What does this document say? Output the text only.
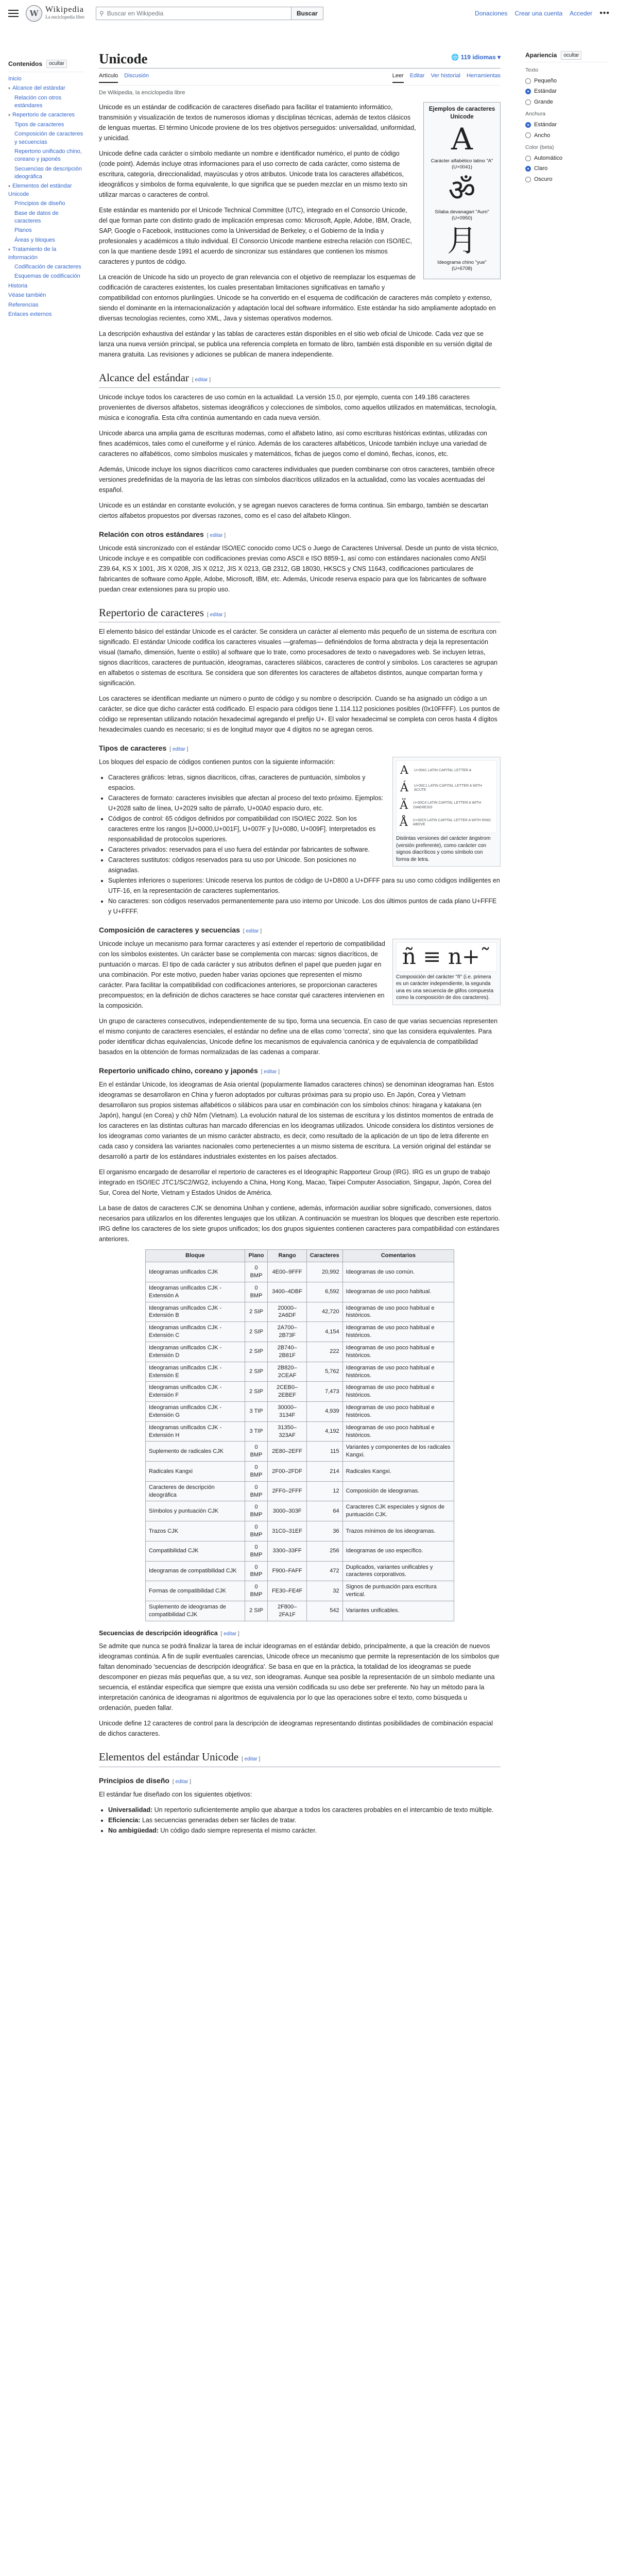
W Wikipedia
La enciclopedia libre
⚲ Buscar en Wikipedia	Buscar	Donaciones Crear una cuenta Acceder •••
Contenidos	ocultar
Inicio
▾ Alcance del estándar
Relación con otros estándares
▾ Repertorio de caracteres
Tipos de caracteres
Composición de caracteres y secuencias
Repertorio unificado chino, coreano y japonés
Secuencias de descripción ideográfica
▾ Elementos del estándar Unicode
Principios de diseño
Base de datos de caracteres
Planos
Áreas y bloques
▾ Tratamiento de la información
Codificación de caracteres
Esquemas de codificación
Historia
Véase también
Referencias
Enlaces externos
Unicode	🌐 119 idiomas ▾
Artículo Discusión	Leer Editar Ver historial Herramientas
De Wikipedia, la enciclopedia libre
Ejemplos de caracteres Unicode
A
Carácter alfabético latino "A" (U+0041)
ॐ
Sílaba devanagari "Aum" (U+0950)
月
Ideograma chino "yue" (U+6708)

Unicode es un estándar de codificación de caracteres diseñado para facilitar el tratamiento informático, transmisión y visualización de textos de numerosos idiomas y disciplinas técnicas, además de textos clásicos de lenguas muertas. El término Unicode proviene de los tres objetivos perseguidos: universalidad, uniformidad, y unicidad.

Unicode define cada carácter o símbolo mediante un nombre e identificador numérico, el punto de código (code point). Además incluye otras informaciones para el uso correcto de cada carácter, como sistema de escritura, categoría, direccionalidad, mayúsculas y otros atributos. Unicode trata los caracteres alfabéticos, ideográficos y símbolos de forma equivalente, lo que significa que se pueden mezclar en un mismo texto sin utilizar marcas o caracteres de control.

Este estándar es mantenido por el Unicode Technical Committee (UTC), integrado en el Consorcio Unicode, del que forman parte con distinto grado de implicación empresas como: Microsoft, Apple, Adobe, IBM, Oracle, SAP, Google o Facebook, instituciones como la Universidad de Berkeley, o el Gobierno de la India y profesionales y académicos a título individual. El Consorcio Unicode mantiene estrecha relación con ISO/IEC, con la que mantiene desde 1991 el acuerdo de sincronizar sus estándares que contienen los mismos caracteres y puntos de código.

La creación de Unicode ha sido un proyecto de gran relevancia con el objetivo de reemplazar los esquemas de codificación de caracteres existentes, los cuales presentaban limitaciones significativas en tamaño y compatibilidad con entornos plurilingües. Unicode se ha convertido en el esquema de codificación de caracteres más completo y extenso, siendo el dominante en la internacionalización y adaptación local del software informático. Este estándar ha sido ampliamente adoptado en diversas tecnologías recientes, como XML, Java y sistemas operativos modernos.

La descripción exhaustiva del estándar y las tablas de caracteres están disponibles en el sitio web oficial de Unicode. Cada vez que se lanza una nueva versión principal, se publica una referencia completa en formato de libro, también está disponible en su versión digital de manera gratuita. Las revisiones y adiciones se publican de manera independiente.

Alcance del estándar [ editar ]

Unicode incluye todos los caracteres de uso común en la actualidad. La versión 15.0, por ejemplo, cuenta con 149.186 caracteres provenientes de diversos alfabetos, sistemas ideográficos y colecciones de símbolos, como aquellos utilizados en matemáticas, tecnología, música e iconografía. Esta cifra continúa aumentando en cada nueva versión.

Unicode abarca una amplia gama de escrituras modernas, como el alfabeto latino, así como escrituras históricas extintas, utilizadas con fines académicos, tales como el cuneiforme y el rúnico. Además de los caracteres alfabéticos, Unicode también incluye una variedad de caracteres no alfabéticos, como símbolos musicales y matemáticos, fichas de juegos como el dominó, flechas, iconos, etc.

Además, Unicode incluye los signos diacríticos como caracteres individuales que pueden combinarse con otros caracteres, también ofrece versiones predefinidas de la mayoría de las letras con símbolos diacríticos utilizados en la actualidad, como las vocales acentuadas del español.

Unicode es un estándar en constante evolución, y se agregan nuevos caracteres de forma continua. Sin embargo, también se descartan ciertos alfabetos propuestos por diversas razones, como es el caso del alfabeto Klingon.

Relación con otros estándares [ editar ]

Unicode está sincronizado con el estándar ISO/IEC conocido como UCS o Juego de Caracteres Universal. Desde un punto de vista técnico, Unicode incluye e es compatible con codificaciones previas como ASCII e ISO 8859-1, así como con estándares nacionales como ANSI Z39.64, KS X 1001, JIS X 0208, JIS X 0212, JIS X 0213, GB 2312, GB 18030, HKSCS y CNS 11643, codificaciones particulares de fabricantes de software como Apple, Adobe, Microsoft, IBM, etc. Además, Unicode reserva espacio para que los fabricantes de software puedan crear extensiones para su propio uso.

Repertorio de caracteres [ editar ]

El elemento básico del estándar Unicode es el carácter. Se considera un carácter al elemento más pequeño de un sistema de escritura con significado. El estándar Unicode codifica los caracteres visuales —grafemas— definiéndolos de forma abstracta y deja la representación visual (tamaño, dimensión, fuente o estilo) al software que lo trate, como procesadores de texto o navegadores web. Se incluyen letras, signos diacríticos, caracteres de puntuación, ideogramas, caracteres silábicos, caracteres de control y símbolos. Los caracteres se agrupan en alfabetos o sistemas de escritura. Se considera que son diferentes los caracteres de alfabetos distintos, aunque compartan forma y significación.

Los caracteres se identifican mediante un número o punto de código y su nombre o descripción. Cuando se ha asignado un código a un carácter, se dice que dicho carácter está codificado. El espacio para códigos tiene 1.114.112 posiciones posibles (0x10FFFF). Los puntos de código se representan utilizando notación hexadecimal agregando el prefijo U+. El valor hexadecimal se completa con ceros hasta 4 dígitos hexadecimales cuando es necesario; si es de longitud mayor que 4 dígitos no se agregan ceros.

Tipos de caracteres [ editar ]
A	U+0041 LATIN CAPITAL LETTER A
Á	U+00C1 LATIN CAPITAL LETTER A WITH ACUTE
Ä	U+00C4 LATIN CAPITAL LETTER A WITH DIAERESIS
Å U+00C5 LATIN CAPITAL LETTER A WITH RING ABOVE
Distintas versiones del carácter ángstrom (versión preferente), como carácter con signos diacríticos y como símbolo con forma de letra.

Los bloques del espacio de códigos contienen puntos con la siguiente información:

• Caracteres gráficos: letras, signos diacríticos, cifras, caracteres de puntuación, símbolos y espacios.
• Caracteres de formato: caracteres invisibles que afectan al proceso del texto próximo. Ejemplos: U+2028 salto de línea, U+2029 salto de párrafo, U+00A0 espacio duro, etc.
• Códigos de control: 65 códigos definidos por compatibilidad con ISO/IEC 2022. Son los caracteres entre los rangos [U+0000,U+001F], U+007F y [U+0080, U+009F]. Interpretados es responsabilidad de protocolos superiores.
• Caracteres privados: reservados para el uso fuera del estándar por fabricantes de software.
• Caracteres sustitutos: códigos reservados para su uso por Unicode. Son posiciones no asignadas.
• Suplentes inferiores o superiores: Unicode reserva los puntos de código de U+D800 a U+DFFF para su uso como códigos indiligentes en UTF-16, en la representación de caracteres suplementarios.
• No caracteres: son códigos reservados permanentemente para uso interno por Unicode. Los dos últimos puntos de cada plano U+FFFE y U+FFFF.
Composición de caracteres y secuencias [ editar ]
ñ ≡ n+˜
Composición del carácter "ñ" (i.e. primera es un carácter independiente, la segunda una es una secuencia de glifos compuesta como la composición de dos caracteres).

Unicode incluye un mecanismo para formar caracteres y así extender el repertorio de compatibilidad con los símbolos existentes. Un carácter base se complementa con marcas: signos diacríticos, de puntuación o marcas. El tipo de cada carácter y sus atributos definen el papel que pueden jugar en una combinación. Por este motivo, pueden haber varias opciones que representen el mismo carácter. Para facilitar la compatibilidad con codificaciones anteriores, se proporcionan caracteres precompuestos; en la definición de dichos caracteres se hace constar qué caracteres intervienen en la composición.

Un grupo de caracteres consecutivos, independientemente de su tipo, forma una secuencia. En caso de que varias secuencias representen el mismo conjunto de caracteres esenciales, el estándar no define una de ellas como 'correcta', sino que las considera equivalentes. Para poder identificar dichas equivalencias, Unicode define los mecanismos de equivalencia canónica y de equivalencia de compatibilidad basados en la obtención de formas normalizadas de las cadenas a comparar.

Repertorio unificado chino, coreano y japonés [ editar ]

En el estándar Unicode, los ideogramas de Asia oriental (popularmente llamados caracteres chinos) se denominan ideogramas han. Estos ideogramas se desarrollaron en China y fueron adoptados por culturas próximas para su propio uso. En Japón, Corea y Vietnam desarrollaron sus propios sistemas alfabéticos o silábicos para usar en combinación con los símbolos chinos: hiragana y katakana (en Japón), hangul (en Corea) y chữ Nôm (Vietnam). La evolución natural de los sistemas de escritura y los distintos momentos de entrada de los caracteres en las distintas culturas han marcado diferencias en los ideogramas utilizados. Unicode considera los distintos versiones de los ideogramas como variantes de un mismo carácter abstracto, es decir, como resultado de la aplicación de un tipo de letra diferente en cada caso y considera las variantes nacionales como pertenecientes a un mismo sistema de escritura. La versión original del estándar se desarrolló a partir de los estándares industriales existentes en los países afectados.

El organismo encargado de desarrollar el repertorio de caracteres es el Ideographic Rapporteur Group (IRG). IRG es un grupo de trabajo integrado en ISO/IEC JTC1/SC2/WG2, incluyendo a China, Hong Kong, Macao, Taipei Computer Association, Singapur, Japón, Corea del Sur, Corea del Norte, Vietnam y Estados Unidos de América.

La base de datos de caracteres CJK se denomina Unihan y contiene, además, información auxiliar sobre significado, conversiones, datos necesarios para utilizarlos en los diferentes lenguajes que los utilizan. A continuación se muestran los bloques que describen este repertorio. IRG define los caracteres de los siete grupos unificados; los dos grupos siguientes contienen caracteres para compatibilidad con estándares anteriores.

Bloque	Plano	Rango	Caracteres	Comentarios
Ideogramas unificados CJK	0 BMP	4E00–9FFF	20,992	Ideogramas de uso común.
Ideogramas unificados CJK - Extensión A	0 BMP	3400–4DBF	6,592	Ideogramas de uso poco habitual.
Ideogramas unificados CJK - Extensión B	2 SIP	20000–2A6DF	42,720	Ideogramas de uso poco habitual e históricos.
Ideogramas unificados CJK - Extensión C	2 SIP	2A700–2B73F	4,154	Ideogramas de uso poco habitual e históricos.
Ideogramas unificados CJK - Extensión D	2 SIP	2B740–2B81F	222	Ideogramas de uso poco habitual e históricos.
Ideogramas unificados CJK - Extensión E	2 SIP	2B820–2CEAF	5,762	Ideogramas de uso poco habitual e históricos.
Ideogramas unificados CJK - Extensión F	2 SIP	2CEB0–2EBEF	7,473	Ideogramas de uso poco habitual e históricos.
Ideogramas unificados CJK - Extensión G	3 TIP	30000–3134F	4,939	Ideogramas de uso poco habitual e históricos.
Ideogramas unificados CJK - Extensión H	3 TIP	31350–323AF	4,192	Ideogramas de uso poco habitual e históricos.
Suplemento de radicales CJK	0 BMP	2E80–2EFF	115	Variantes y componentes de los radicales Kangxi.
Radicales Kangxi	0 BMP	2F00–2FDF	214	Radicales Kangxi.
Caracteres de descripción ideográfica	0 BMP	2FF0–2FFF	12	Composición de ideogramas.
Símbolos y puntuación CJK	0 BMP	3000–303F	64	Caracteres CJK especiales y signos de puntuación CJK.
Trazos CJK	0 BMP	31C0–31EF	36	Trazos mínimos de los ideogramas.
Compatibilidad CJK	0 BMP	3300–33FF	256	Ideogramas de uso específico.
Ideogramas de compatibilidad CJK	0 BMP	F900–FAFF	472	Duplicados, variantes unificables y caracteres corporativos.
Formas de compatibilidad CJK	0 BMP	FE30–FE4F	32	Signos de puntuación para escritura vertical.
Suplemento de ideogramas de compatibilidad CJK	2 SIP	2F800–2FA1F	542	Variantes unificables.
Secuencias de descripción ideográfica [ editar ]

Se admite que nunca se podrá finalizar la tarea de incluir ideogramas en el estándar debido, principalmente, a que la creación de nuevos ideogramas continúa. A fin de suplir eventuales carencias, Unicode ofrece un mecanismo que permite la representación de los símbolos que faltan denominado 'secuencias de descripción ideográfica'. Se basa en que en la práctica, la totalidad de los ideogramas se puede descomponer en piezas más pequeñas que, a su vez, son ideogramas. Aunque sea posible la representación de un símbolo mediante una secuencia, el estándar especifica que siempre que exista una versión codificada su uso debe ser preferente. No hay un método para la interpretación canónica de ideogramas ni algoritmos de equivalencia por lo que las operaciones sobre el texto, como búsqueda u ordenación, pueden fallar.

Unicode define 12 caracteres de control para la descripción de ideogramas representando distintas posibilidades de combinación espacial de dichos caracteres.

Elementos del estándar Unicode [ editar ]
Principios de diseño [ editar ]

El estándar fue diseñado con los siguientes objetivos:

• Universalidad: Un repertorio suficientemente amplio que abarque a todos los caracteres probables en el intercambio de texto múltiple.
• Eficiencia: Las secuencias generadas deben ser fáciles de tratar.
• No ambigüedad: Un código dado siempre representa el mismo carácter.
Apariencia	ocultar
Texto
Pequeño
Estándar
Grande
Anchura
Estándar
Ancho
Color (beta)
Automático
Claro
Oscuro
